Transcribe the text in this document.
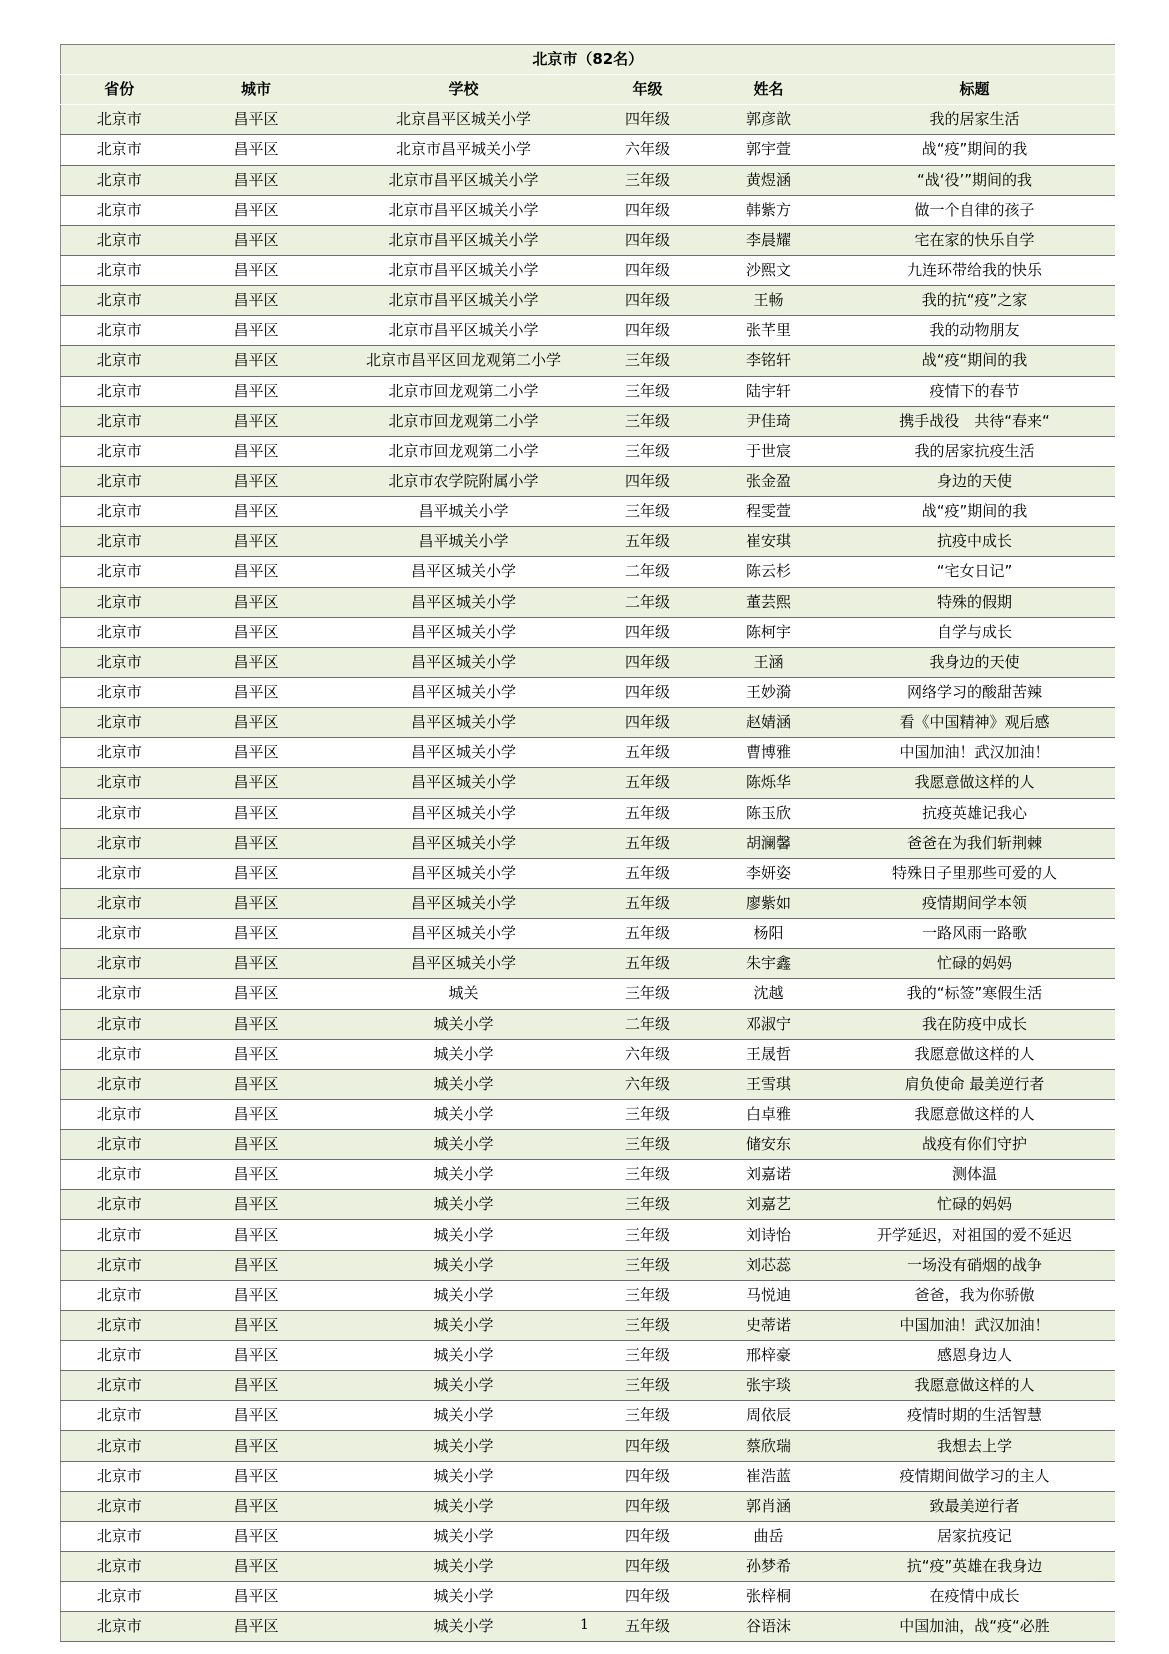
北京市（82名）					
省份	城市	学校	年级	姓名	标题
北京市	昌平区	北京昌平区城关小学	四年级	郭彦歆	我的居家生活
北京市	昌平区	北京市昌平城关小学	六年级	郭宇萱	战“疫”期间的我
北京市	昌平区	北京市昌平区城关小学	三年级	黄煜涵	“战‘役’”期间的我
北京市	昌平区	北京市昌平区城关小学	四年级	韩紫方	做一个自律的孩子
北京市	昌平区	北京市昌平区城关小学	四年级	李晨耀	宅在家的快乐自学
北京市	昌平区	北京市昌平区城关小学	四年级	沙熙文	九连环带给我的快乐
北京市	昌平区	北京市昌平区城关小学	四年级	王畅	我的抗“疫”之家
北京市	昌平区	北京市昌平区城关小学	四年级	张芊里	我的动物朋友
北京市	昌平区	北京市昌平区回龙观第二小学	三年级	李铭轩	战“疫“期间的我
北京市	昌平区	北京市回龙观第二小学	三年级	陆宇轩	疫情下的春节
北京市	昌平区	北京市回龙观第二小学	三年级	尹佳琦	携手战役　共待“春来“
北京市	昌平区	北京市回龙观第二小学	三年级	于世宸	我的居家抗疫生活
北京市	昌平区	北京市农学院附属小学	四年级	张金盈	身边的天使
北京市	昌平区	昌平城关小学	三年级	程雯萱	战“疫”期间的我
北京市	昌平区	昌平城关小学	五年级	崔安琪	抗疫中成长
北京市	昌平区	昌平区城关小学	二年级	陈云杉	“宅女日记”
北京市	昌平区	昌平区城关小学	二年级	董芸熙	特殊的假期
北京市	昌平区	昌平区城关小学	四年级	陈柯宇	自学与成长
北京市	昌平区	昌平区城关小学	四年级	王涵	我身边的天使
北京市	昌平区	昌平区城关小学	四年级	王妙漪	网络学习的酸甜苦辣
北京市	昌平区	昌平区城关小学	四年级	赵婧涵	看《中国精神》观后感
北京市	昌平区	昌平区城关小学	五年级	曹博雅	中国加油！武汉加油！
北京市	昌平区	昌平区城关小学	五年级	陈烁华	我愿意做这样的人
北京市	昌平区	昌平区城关小学	五年级	陈玉欣	抗疫英雄记我心
北京市	昌平区	昌平区城关小学	五年级	胡澜馨	爸爸在为我们斩荆棘
北京市	昌平区	昌平区城关小学	五年级	李妍姿	特殊日子里那些可爱的人
北京市	昌平区	昌平区城关小学	五年级	廖紫如	疫情期间学本领
北京市	昌平区	昌平区城关小学	五年级	杨阳	一路风雨一路歌
北京市	昌平区	昌平区城关小学	五年级	朱宇鑫	忙碌的妈妈
北京市	昌平区	城关	三年级	沈越	我的“标签”寒假生活
北京市	昌平区	城关小学	二年级	邓淑宁	我在防疫中成长
北京市	昌平区	城关小学	六年级	王晟哲	我愿意做这样的人
北京市	昌平区	城关小学	六年级	王雪琪	肩负使命 最美逆行者
北京市	昌平区	城关小学	三年级	白卓雅	我愿意做这样的人
北京市	昌平区	城关小学	三年级	储安东	战疫有你们守护
北京市	昌平区	城关小学	三年级	刘嘉诺	测体温
北京市	昌平区	城关小学	三年级	刘嘉艺	忙碌的妈妈
北京市	昌平区	城关小学	三年级	刘诗怡	开学延迟，对祖国的爱不延迟
北京市	昌平区	城关小学	三年级	刘芯蕊	一场没有硝烟的战争
北京市	昌平区	城关小学	三年级	马悦迪	爸爸，我为你骄傲
北京市	昌平区	城关小学	三年级	史蒂诺	中国加油！武汉加油！
北京市	昌平区	城关小学	三年级	邢梓豪	感恩身边人
北京市	昌平区	城关小学	三年级	张宇琰	我愿意做这样的人
北京市	昌平区	城关小学	三年级	周依辰	疫情时期的生活智慧
北京市	昌平区	城关小学	四年级	蔡欣瑞	我想去上学
北京市	昌平区	城关小学	四年级	崔浩蓝	疫情期间做学习的主人
北京市	昌平区	城关小学	四年级	郭肖涵	致最美逆行者
北京市	昌平区	城关小学	四年级	曲岳	居家抗疫记
北京市	昌平区	城关小学	四年级	孙梦希	抗“疫”英雄在我身边
北京市	昌平区	城关小学	四年级	张梓桐	在疫情中成长
北京市	昌平区	城关小学	五年级	谷语沫	中国加油，战“疫“必胜
1
